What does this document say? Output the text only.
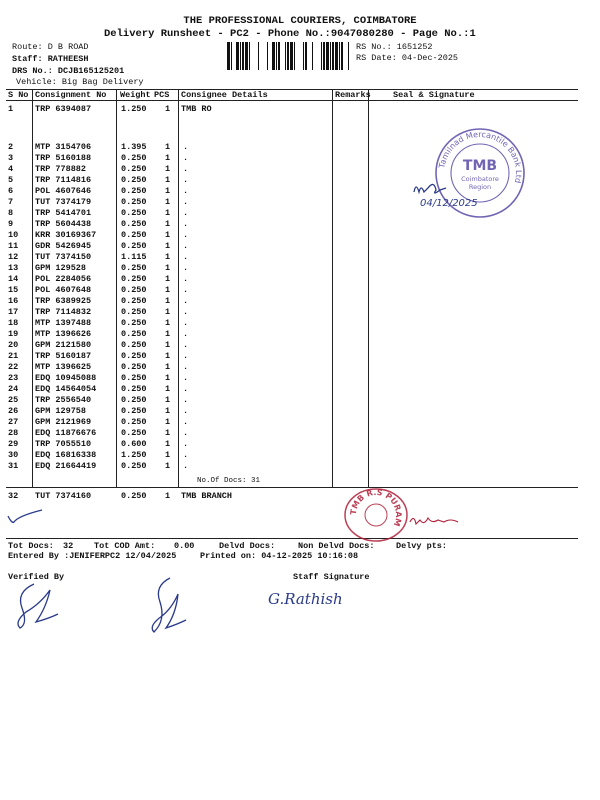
THE PROFESSIONAL COURIERS, COIMBATORE
Delivery Runsheet - PC2 - Phone No.:9047080280 - Page No.:1
Route: D B ROAD
Staff: RATHEESH
DRS No.: DCJB165125201
Vehicle: Big Bag Delivery
RS No.: 1651252
RS Date: 04-Dec-2025
S No Consignment No Weight PCS Consignee Details	Remarks	Seal & Signature
1	TRP 6394087	1.250 1 TMB RO
2	MTP 3154706	1.395 1 .
3	TRP 5160188	0.250 1 .
4	TRP 778882	0.250 1 .
5	TRP 7114816	0.250 1 .
6	POL 4607646	0.250 1 .
7	TUT 7374179	0.250 1 .
8	TRP 5414701	0.250 1 .
9	TRP 5604438	0.250 1 .
10 KRR 30169367	0.250 1 .
11 GDR 5426945	0.250 1 .
12 TUT 7374150	1.115 1 .
13 GPM 129528	0.250 1 .
14 POL 2284056	0.250 1 .
15 POL 4607648	0.250 1 .
16 TRP 6389925	0.250 1 .
17 TRP 7114832	0.250 1 .
18 MTP 1397488	0.250 1 .
19 MTP 1396626	0.250 1 .
20 GPM 2121580	0.250 1 .
21 TRP 5160187	0.250 1 .
22 MTP 1396625	0.250 1 .
23 EDQ 10945088	0.250 1 .
24 EDQ 14564054	0.250 1 .
25 TRP 2556540	0.250 1 .
26 GPM 129758	0.250 1 .
27 GPM 2121969	0.250 1 .
28 EDQ 11876676	0.250 1 .
29 TRP 7055510	0.600 1 .
30 EDQ 16816338	1.250 1 .
31 EDQ 21664419	0.250 1 .
No.Of Docs: 31
32 TUT 7374160	0.250 1 TMB BRANCH
Tot Docs: 32 Tot COD Amt: 0.00	Delvd Docs:	Non Delvd Docs:	Delvy pts:
Entered By :JENIFERPC2 12/04/2025	Printed on: 04-12-2025 10:16:08
Verified By	Staff Signature
Tamilnad Mercantile Bank Ltd
TMB
Coimbatore
Region
04/12/2025
TMB R.S PURAM
G.Rathish
